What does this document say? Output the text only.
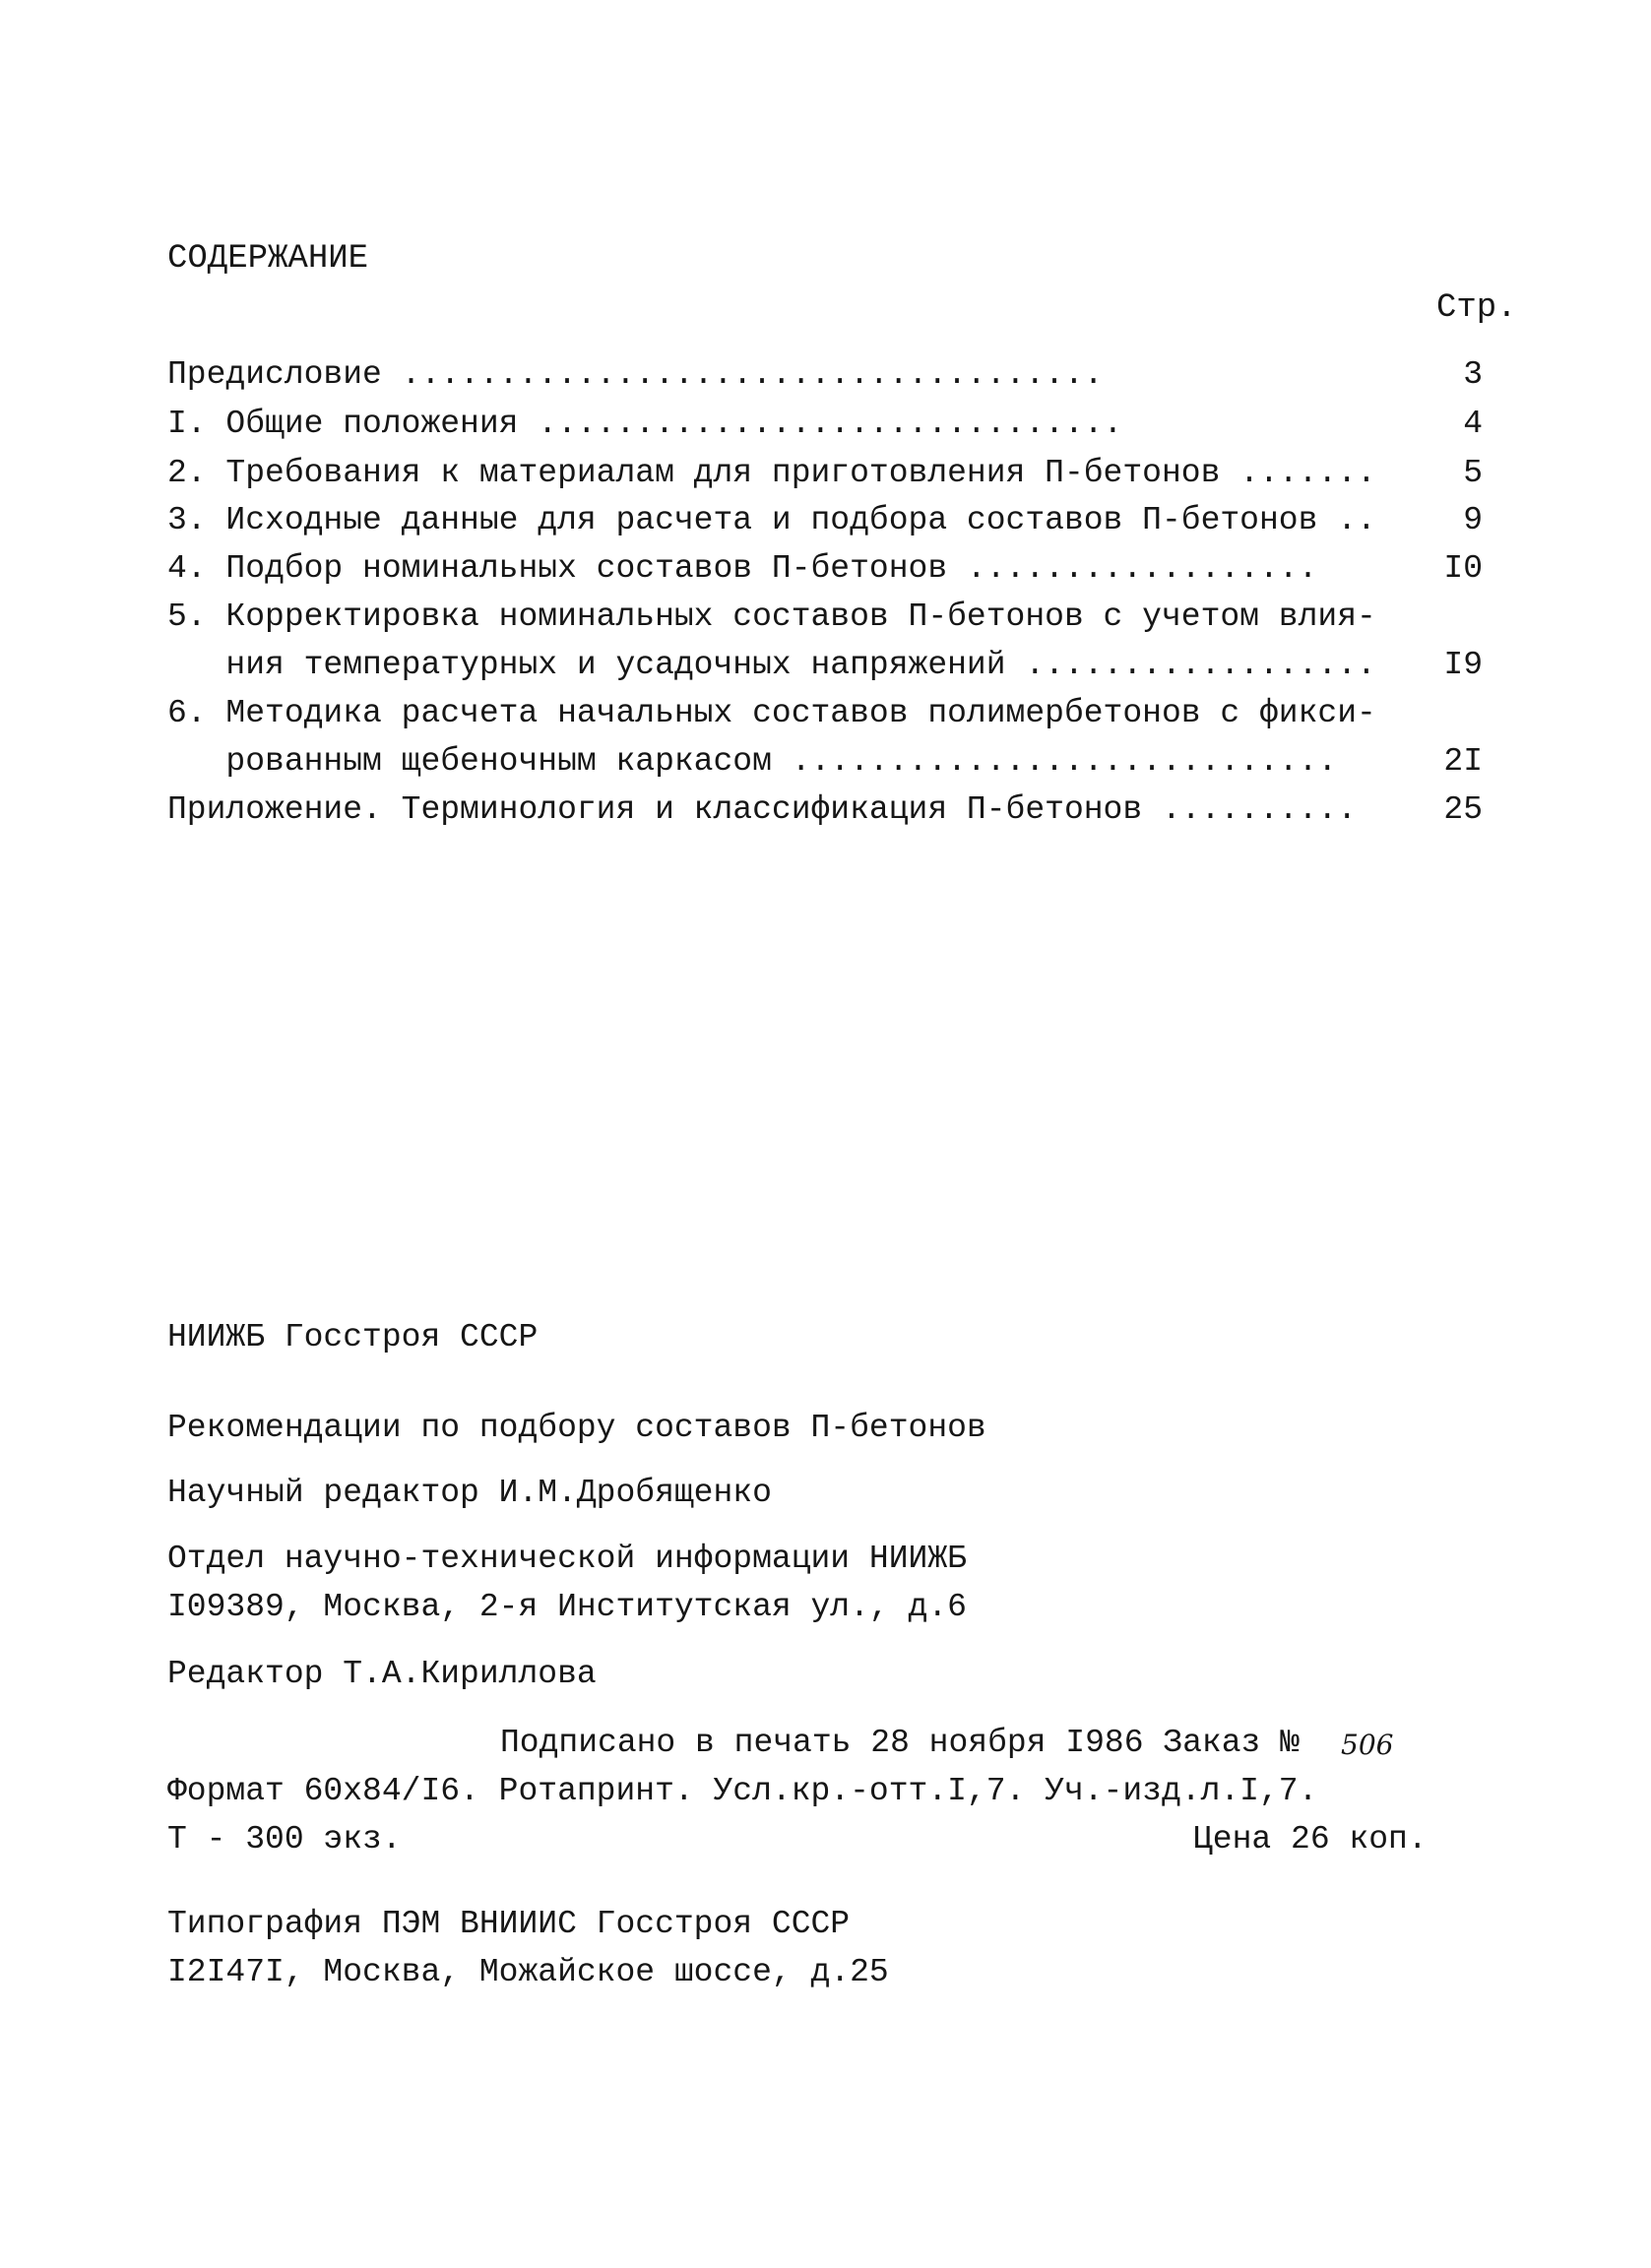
СОДЕРЖАНИЕ
Стр.
Предисловие ....................................	3
I. Общие положения ..............................	4
2. Требования к материалам для приготовления П-бетонов .......	5
3. Исходные данные для расчета и подбора составов П-бетонов ..	9
4. Подбор номинальных составов П-бетонов ..................	I0
5. Корректировка номинальных составов П-бетонов с учетом влия-
ния температурных и усадочных напряжений ..................	I9
6. Методика расчета начальных составов полимербетонов с фикси-
рованным щебеночным каркасом ............................	2I
Приложение. Терминология и классификация П-бетонов ..........	25
НИИЖБ Госстроя СССР
Рекомендации по подбору составов П-бетонов
Научный редактор И.М.Дробященко
Отдел научно-технической информации НИИЖБ
I09389, Москва, 2-я Институтская ул., д.6
Редактор Т.А.Кириллова
Подписано в печать 28 ноября I986 Заказ № 506
Формат 60х84/I6. Ротапринт. Усл.кр.-отт.I,7. Уч.-изд.л.I,7.
Т - 300 экз.	Цена 26 коп.
Типография ПЭМ ВНИИИС Госстроя СССР
I2I47I, Москва, Можайское шоссе, д.25
